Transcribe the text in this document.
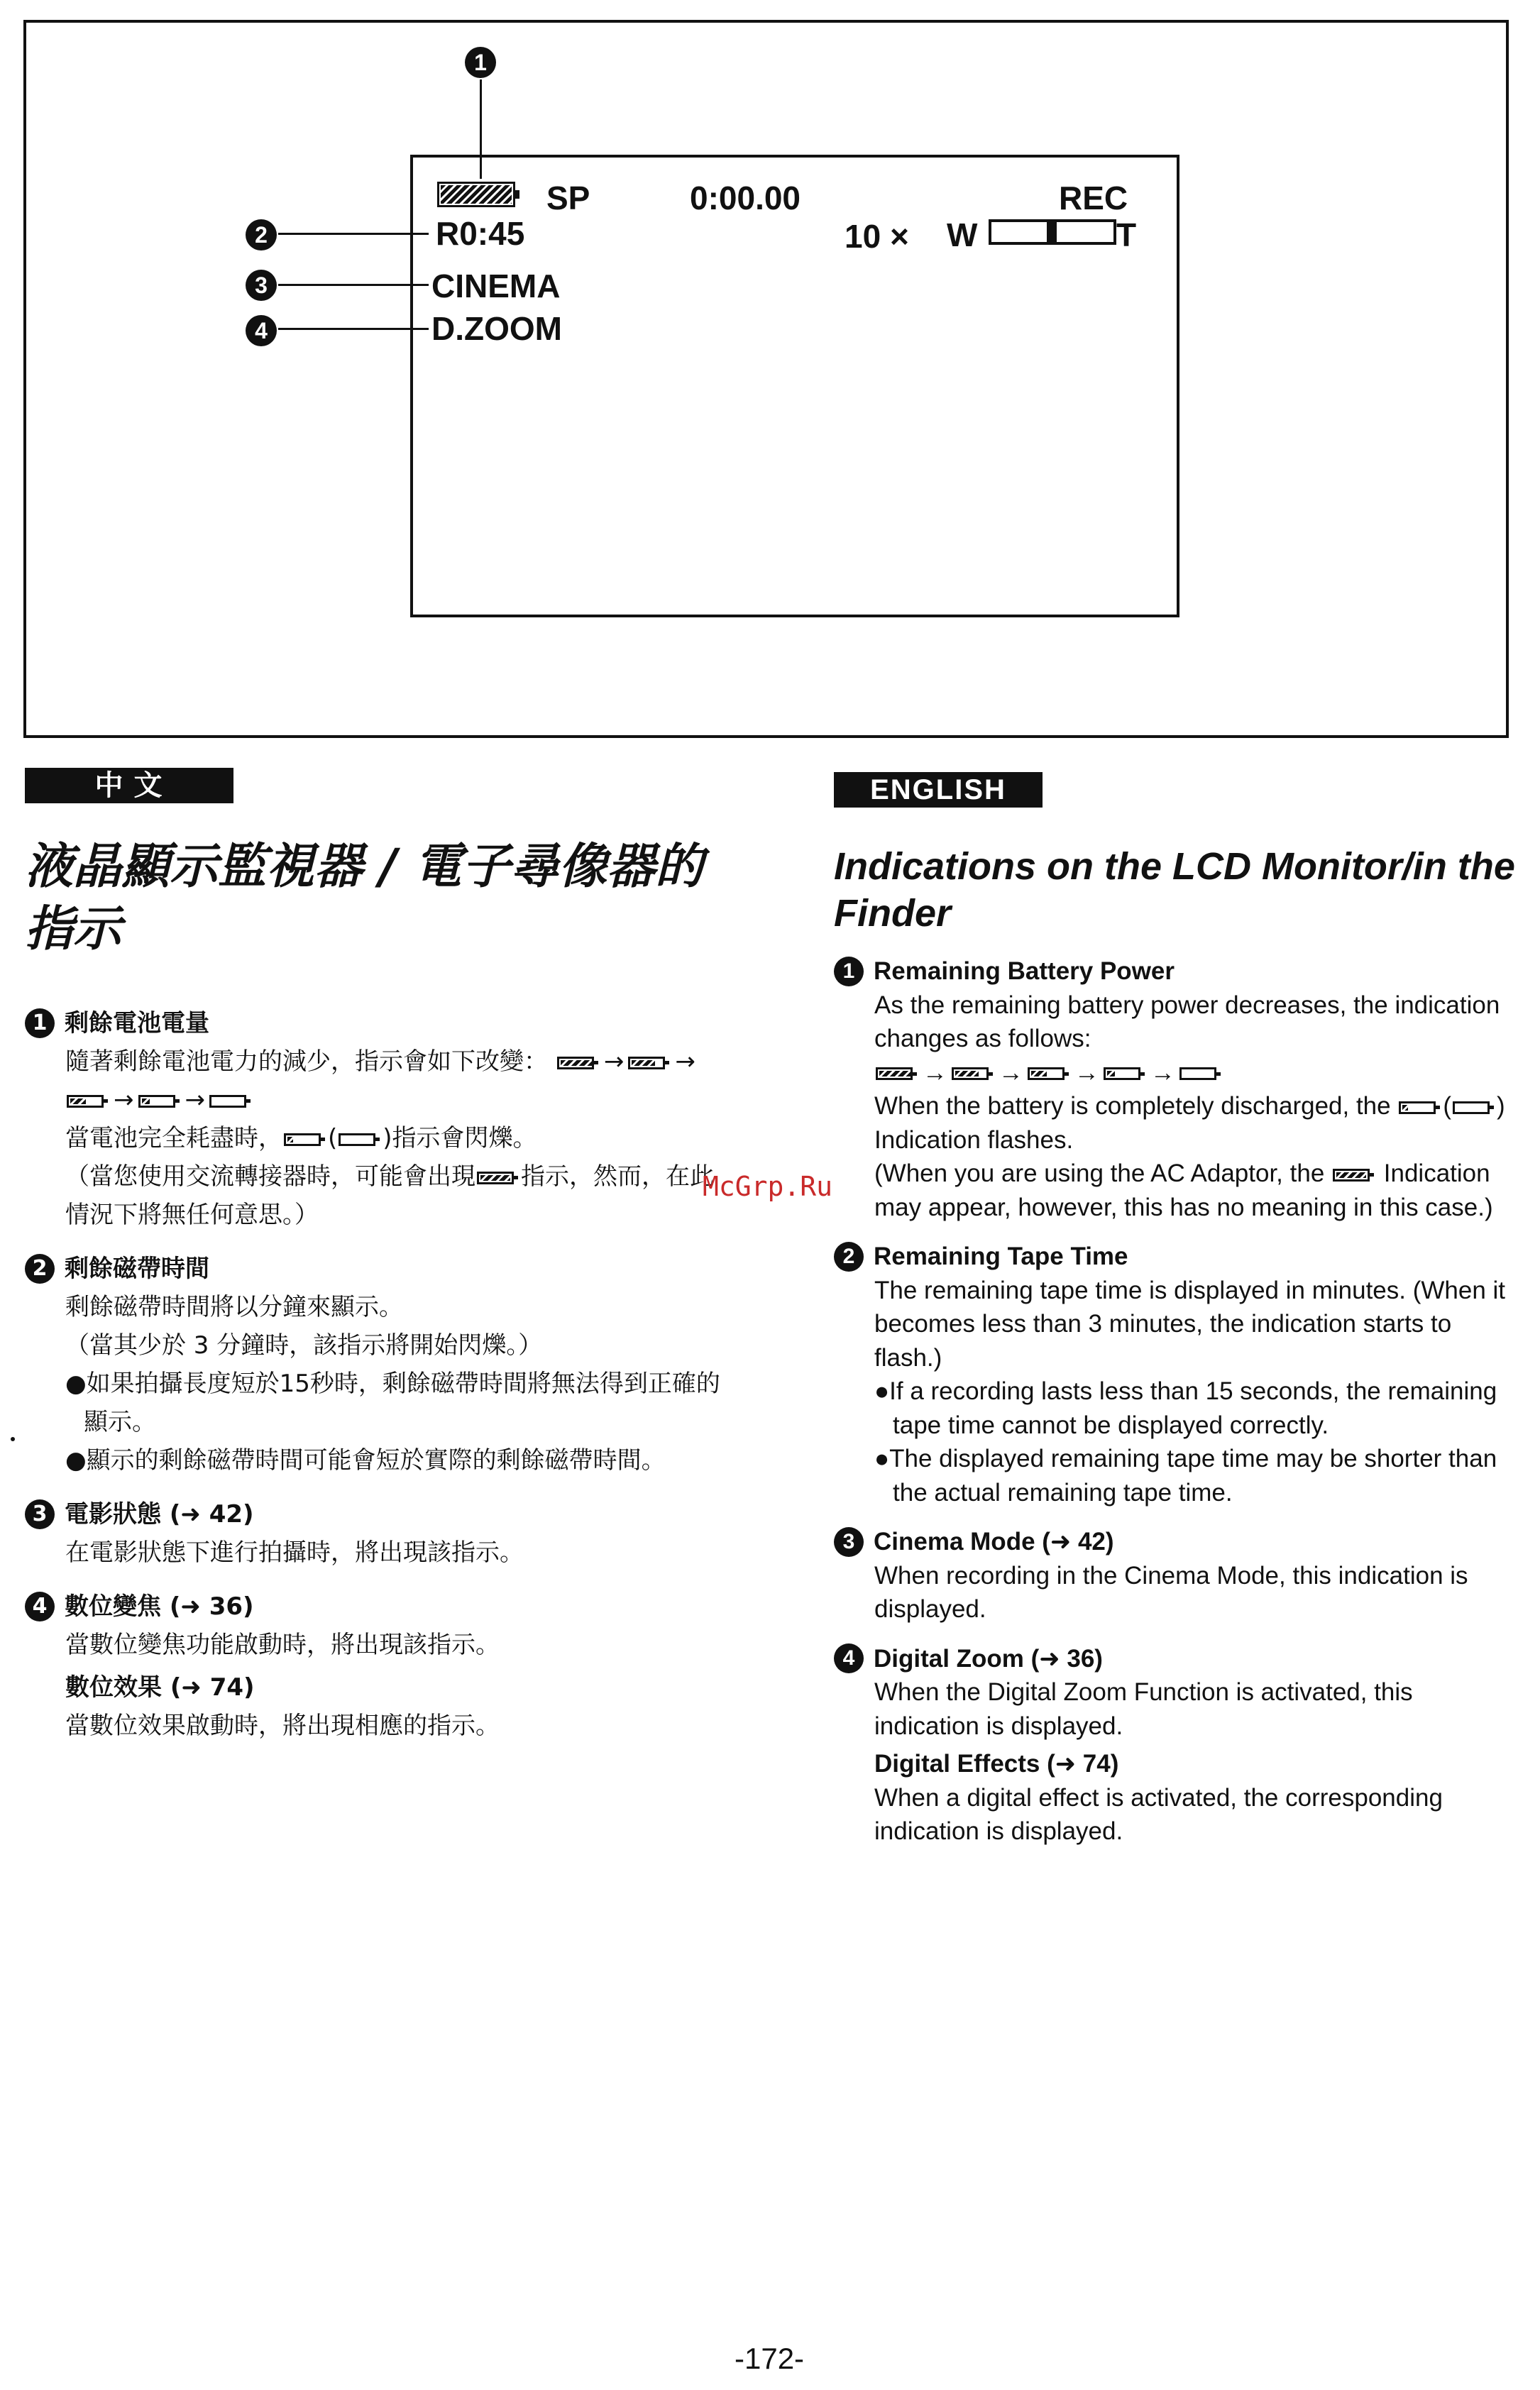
1
2
3
4
SP	0:00.00	REC
R0:45	10 × W	T
CINEMA
D.ZOOM
中 文
液晶顯示監視器 / 電子尋像器的指示
1 剩餘電池電量
隨著剩餘電池電力的減少，指示會如下改變： → →
→ →
當電池完全耗盡時， ( )指示會閃爍。
（當您使用交流轉接器時，可能會出現 指示，然而，在此情況下將無任何意思。）
2 剩餘磁帶時間
剩餘磁帶時間將以分鐘來顯示。
（當其少於 3 分鐘時，該指示將開始閃爍。）
●如果拍攝長度短於15秒時，剩餘磁帶時間將無法得到正確的顯示。
●顯示的剩餘磁帶時間可能會短於實際的剩餘磁帶時間。
3 電影狀態 (➜ 42)
在電影狀態下進行拍攝時，將出現該指示。
4 數位變焦 (➜ 36)
當數位變焦功能啟動時，將出現該指示。
數位效果 (➜ 74)
當數位效果啟動時，將出現相應的指示。
McGrp.Ru
ENGLISH
Indications on the LCD Monitor/in the Finder
1 Remaining Battery Power
As the remaining battery power decreases, the indication changes as follows:
→ → → →
When the battery is completely discharged, the ( ) Indication flashes.
(When you are using the AC Adaptor, the Indication may appear, however, this has no meaning in this case.)
2 Remaining Tape Time
The remaining tape time is displayed in minutes. (When it becomes less than 3 minutes, the indication starts to flash.)
●If a recording lasts less than 15 seconds, the remaining tape time cannot be displayed correctly.
●The displayed remaining tape time may be shorter than the actual remaining tape time.
3 Cinema Mode (➜ 42)
When recording in the Cinema Mode, this indication is displayed.
4 Digital Zoom (➜ 36)
When the Digital Zoom Function is activated, this indication is displayed.
Digital Effects (➜ 74)
When a digital effect is activated, the corresponding indication is displayed.
-172-
